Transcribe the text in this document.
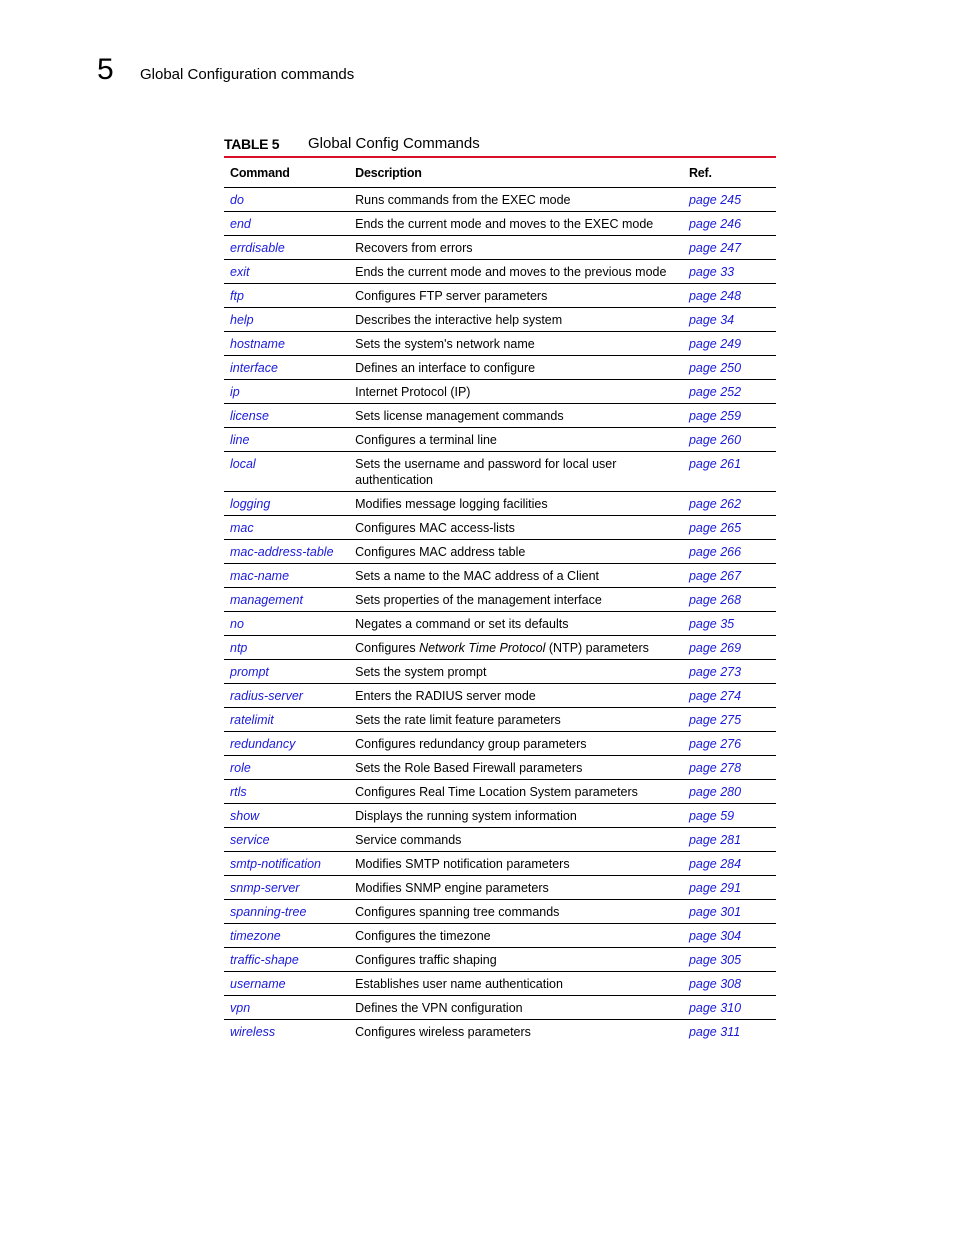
5 Global Configuration commands
TABLE 5 Global Config Commands
Command	Description	Ref.
do	Runs commands from the EXEC mode	page 245
end	Ends the current mode and moves to the EXEC mode	page 246
errdisable	Recovers from errors	page 247
exit	Ends the current mode and moves to the previous mode	page 33
ftp	Configures FTP server parameters	page 248
help	Describes the interactive help system	page 34
hostname	Sets the system's network name	page 249
interface	Defines an interface to configure	page 250
ip	Internet Protocol (IP)	page 252
license	Sets license management commands	page 259
line	Configures a terminal line	page 260
local	Sets the username and password for local user authentication	page 261
logging	Modifies message logging facilities	page 262
mac	Configures MAC access-lists	page 265
mac-address-table	Configures MAC address table	page 266
mac-name	Sets a name to the MAC address of a Client	page 267
management	Sets properties of the management interface	page 268
no	Negates a command or set its defaults	page 35
ntp	Configures Network Time Protocol (NTP) parameters	page 269
prompt	Sets the system prompt	page 273
radius-server	Enters the RADIUS server mode	page 274
ratelimit	Sets the rate limit feature parameters	page 275
redundancy	Configures redundancy group parameters	page 276
role	Sets the Role Based Firewall parameters	page 278
rtls	Configures Real Time Location System parameters	page 280
show	Displays the running system information	page 59
service	Service commands	page 281
smtp-notification	Modifies SMTP notification parameters	page 284
snmp-server	Modifies SNMP engine parameters	page 291
spanning-tree	Configures spanning tree commands	page 301
timezone	Configures the timezone	page 304
traffic-shape	Configures traffic shaping	page 305
username	Establishes user name authentication	page 308
vpn	Defines the VPN configuration	page 310
wireless	Configures wireless parameters	page 311
